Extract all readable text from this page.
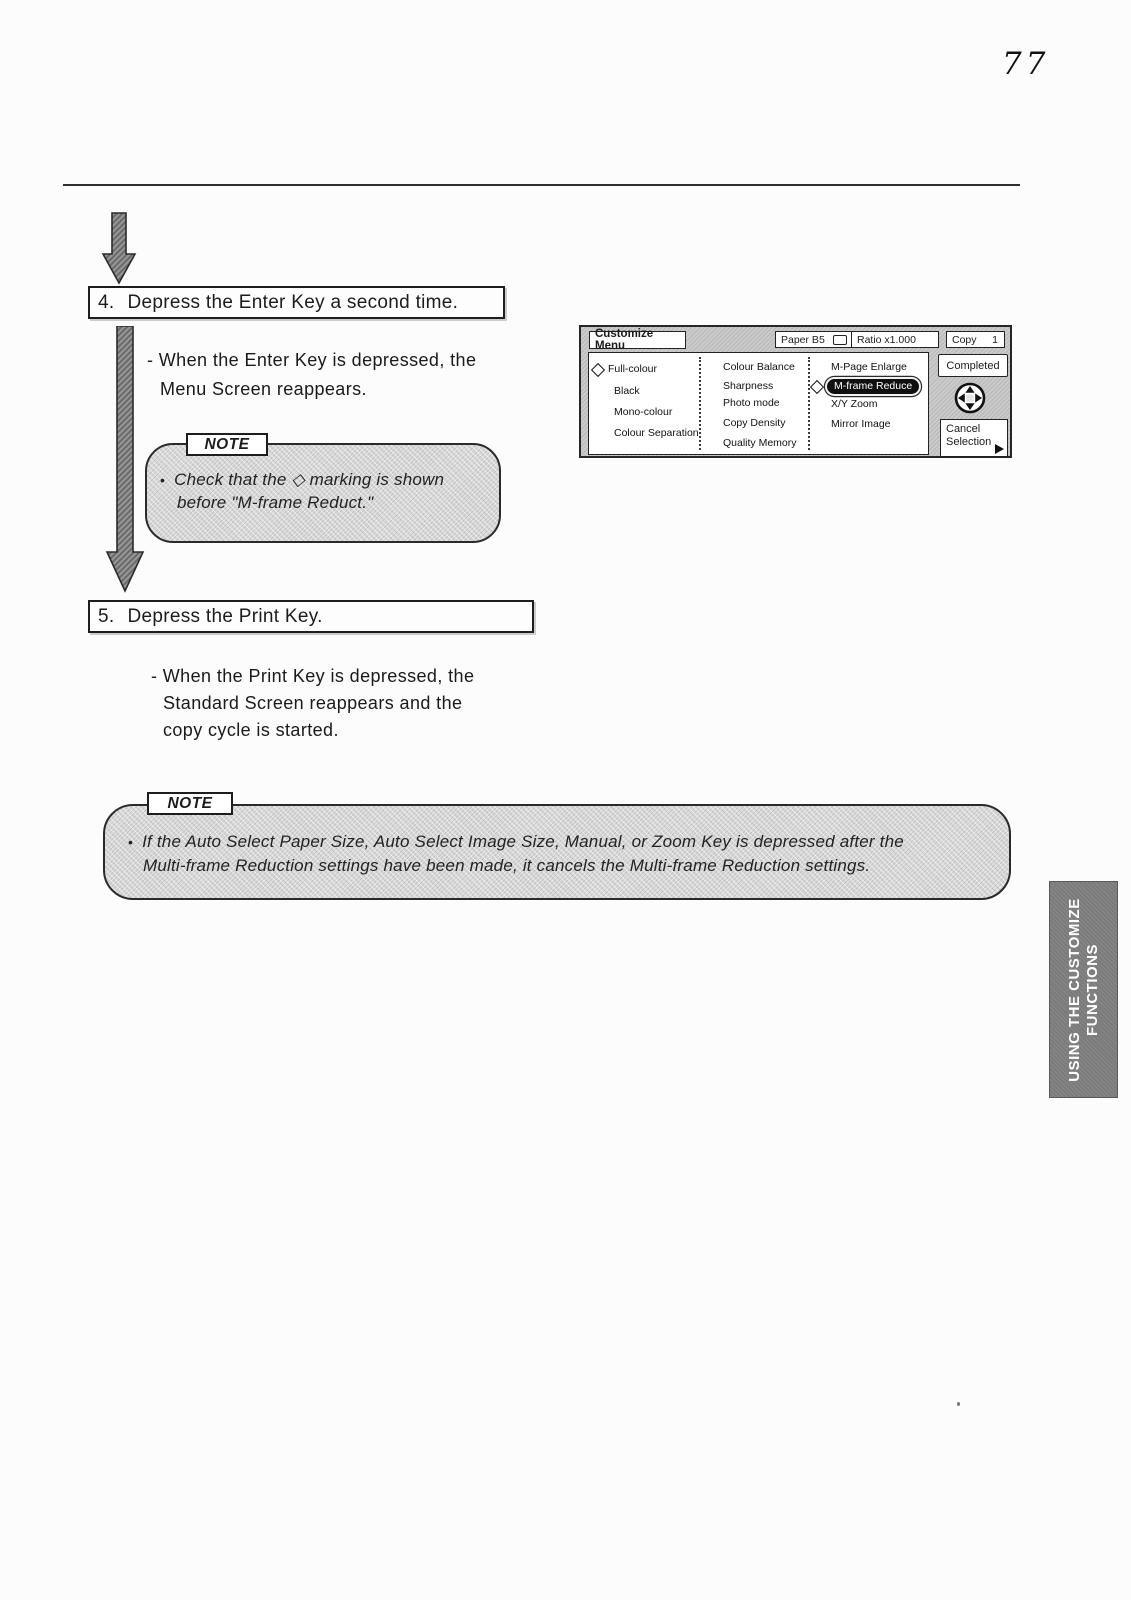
77
4. Depress the Enter Key a second time.
- When the Enter Key is depressed, the
Menu Screen reappears.
NOTE
• Check that the ◇ marking is shown
before "M-frame Reduct."
5. Depress the Print Key.
- When the Print Key is depressed, the
Standard Screen reappears and the
copy cycle is started.
NOTE
• If the Auto Select Paper Size, Auto Select Image Size, Manual, or Zoom Key is depressed after the
Multi-frame Reduction settings have been made, it cancels the Multi-frame Reduction settings.
USING THE CUSTOMIZE FUNCTIONS
Customize Menu
Paper B5	Ratio x1.000	Copy 1
Full-colour
Black
Mono-colour
Colour Separation
Colour Balance
Sharpness
Photo mode
Copy Density
Quality Memory
M-Page Enlarge
M-frame Reduce
X/Y Zoom
Mirror Image
Completed
Cancel
Selection
